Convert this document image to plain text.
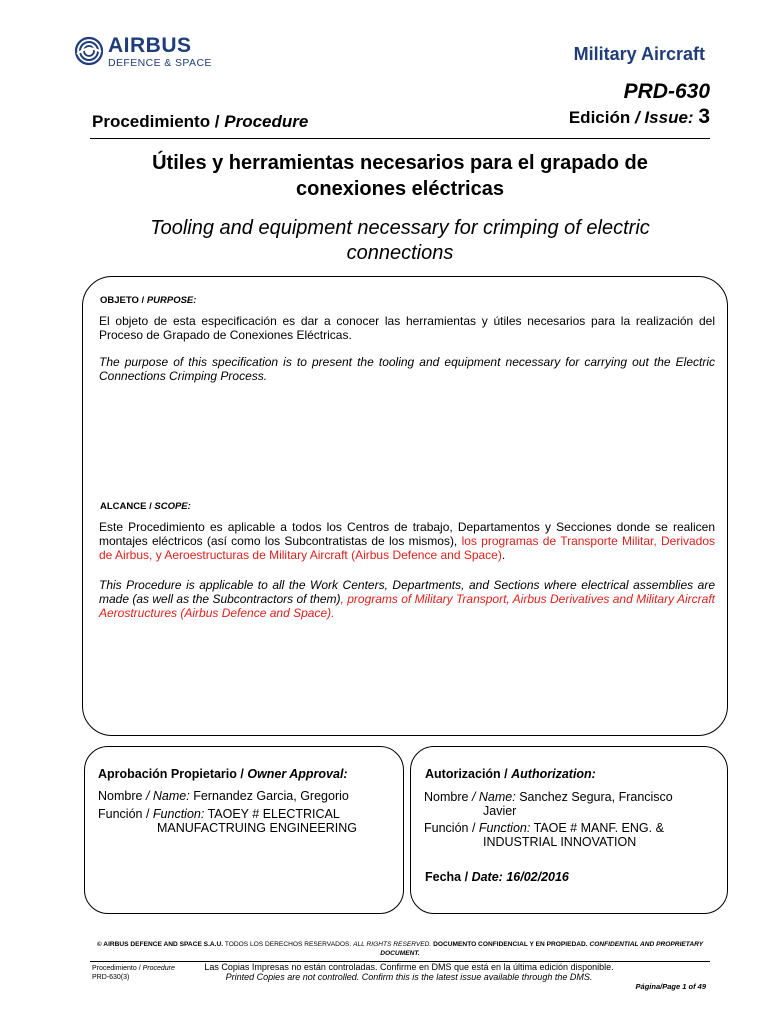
AIRBUS
DEFENCE & SPACE	Military Aircraft
PRD-630
Procedimiento / Procedure	Edición / Issue: 3
Útiles y herramientas necesarios para el grapado de
conexiones eléctricas
Tooling and equipment necessary for crimping of electric
connections
OBJETO / PURPOSE:
El objeto de esta especificación es dar a conocer las herramientas y útiles necesarios para la realización del Proceso de Grapado de Conexiones Eléctricas.
The purpose of this specification is to present the tooling and equipment necessary for carrying out the Electric Connections Crimping Process.
ALCANCE / SCOPE:
Este Procedimiento es aplicable a todos los Centros de trabajo, Departamentos y Secciones donde se realicen montajes eléctricos (así como los Subcontratistas de los mismos), los programas de Transporte Militar, Derivados de Airbus, y Aeroestructuras de Military Aircraft (Airbus Defence and Space).
This Procedure is applicable to all the Work Centers, Departments, and Sections where electrical assemblies are made (as well as the Subcontractors of them), programs of Military Transport, Airbus Derivatives and Military Aircraft Aerostructures (Airbus Defence and Space).
Aprobación Propietario / Owner Approval:
Nombre / Name: Fernandez Garcia, Gregorio
Función / Function: TAOEY # ELECTRICAL
MANUFACTRUING ENGINEERING
Autorización / Authorization:
Nombre / Name: Sanchez Segura, Francisco
Javier
Función / Function: TAOE # MANF. ENG. &
INDUSTRIAL INNOVATION
Fecha / Date: 16/02/2016
© AIRBUS DEFENCE AND SPACE S.A.U. TODOS LOS DERECHOS RESERVADOS. ALL RIGHTS RESERVED. DOCUMENTO CONFIDENCIAL Y EN PROPIEDAD. CONFIDENTIAL AND PROPRIETARY
DOCUMENT.
Procedimiento / Procedure
PRD-630(3)
Las Copias Impresas no están controladas. Confirme en DMS que está en la última edición disponible.
Printed Copies are not controlled. Confirm this is the latest issue available through the DMS.
Página/Page 1 of 49
